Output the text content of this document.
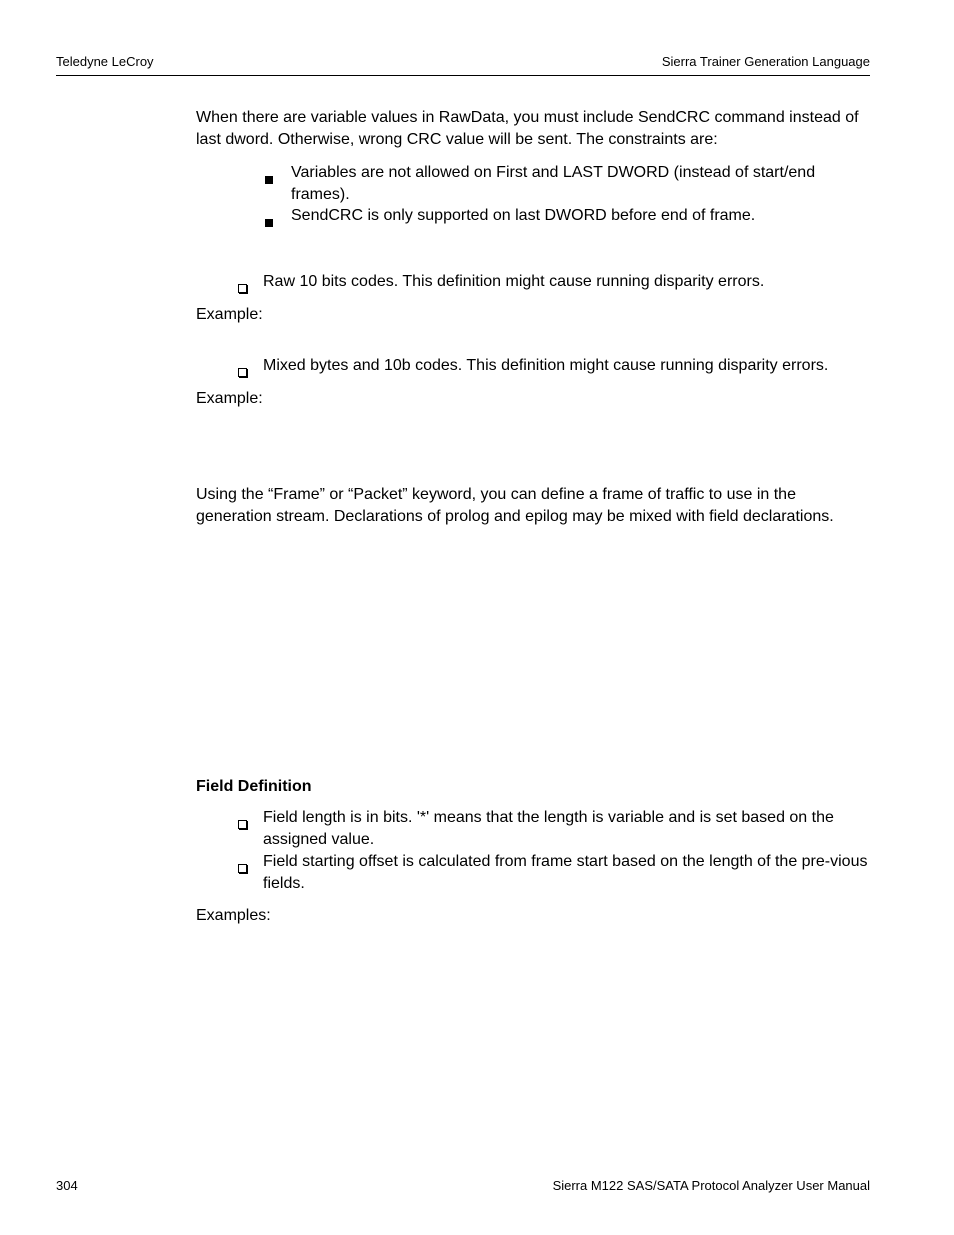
Teledyne LeCroy	Sierra Trainer Generation Language
When there are variable values in RawData, you must include SendCRC command instead of last dword. Otherwise, wrong CRC value will be sent. The constraints are:
Variables are not allowed on First and LAST DWORD (instead of start/end frames).
SendCRC is only supported on last DWORD before end of frame.
Raw 10 bits codes. This definition might cause running disparity errors.
Example:
Mixed bytes and 10b codes. This definition might cause running disparity errors.
Example:
Using the “Frame” or “Packet” keyword, you can define a frame of traffic to use in the generation stream. Declarations of prolog and epilog may be mixed with field declarations.
Field Definition
Field length is in bits. '*' means that the length is variable and is set based on the assigned value.
Field starting offset is calculated from frame start based on the length of the pre-vious fields.
Examples:
304	Sierra M122 SAS/SATA Protocol Analyzer User Manual
